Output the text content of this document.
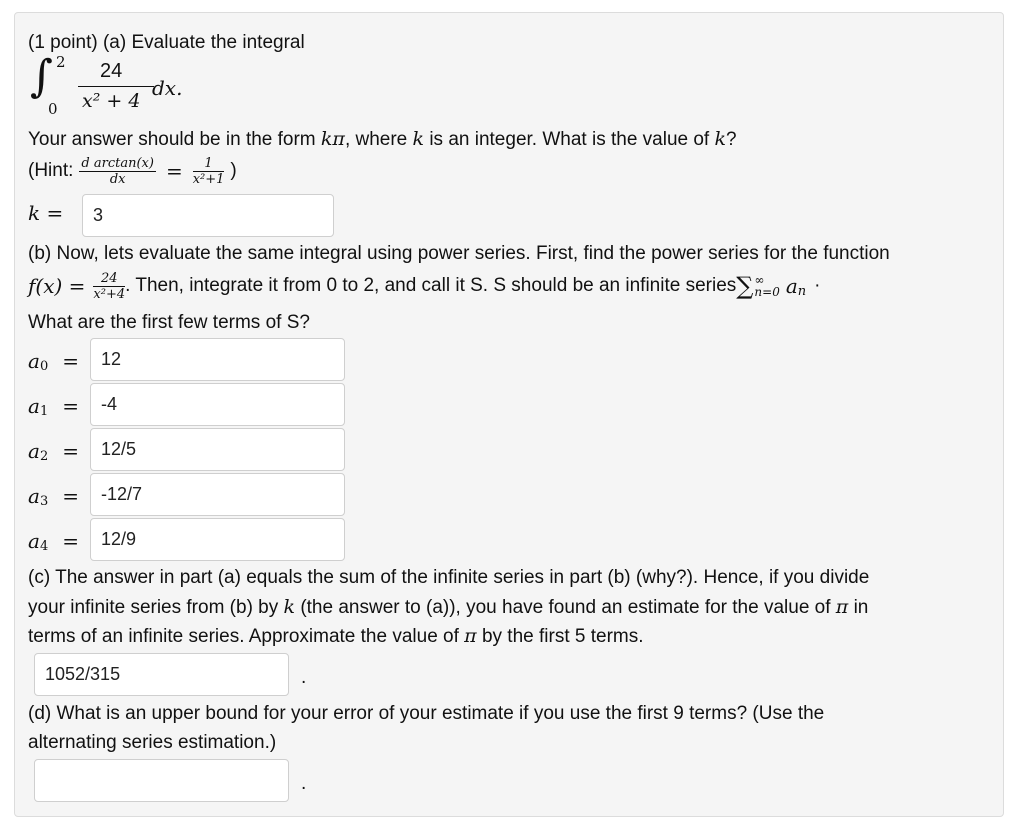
(1 point) (a) Evaluate the integral
∫ 2
0
24
x² + 4
dx.
Your answer should be in the form kπ, where k is an integer. What is the value of k?
(Hint: $\frac{\text{d arctan(x)}}{dx} = \frac{1}{\text{x²+1}}$ )
k = 3
(b) Now, lets evaluate the same integral using power series. First, find the power series for the function
$f(x) = \frac{24}{\text{x²+4}}$ . Then, integrate it from 0 to 2, and call it S. S should be an infinite series ∑ ∞
n=0 a n ·
What are the first few terms of S?
a 0 = 12
a 1 = -4
a 2 = 12/5
a 3 = -12/7
a 4 = 12/9
(c) The answer in part (a) equals the sum of the infinite series in part (b) (why?). Hence, if you divide
your infinite series from (b) by k (the answer to (a)), you have found an estimate for the value of π in
terms of an infinite series. Approximate the value of π by the first 5 terms.
1052/315	.
(d) What is an upper bound for your error of your estimate if you use the first 9 terms? (Use the
alternating series estimation.)
.
